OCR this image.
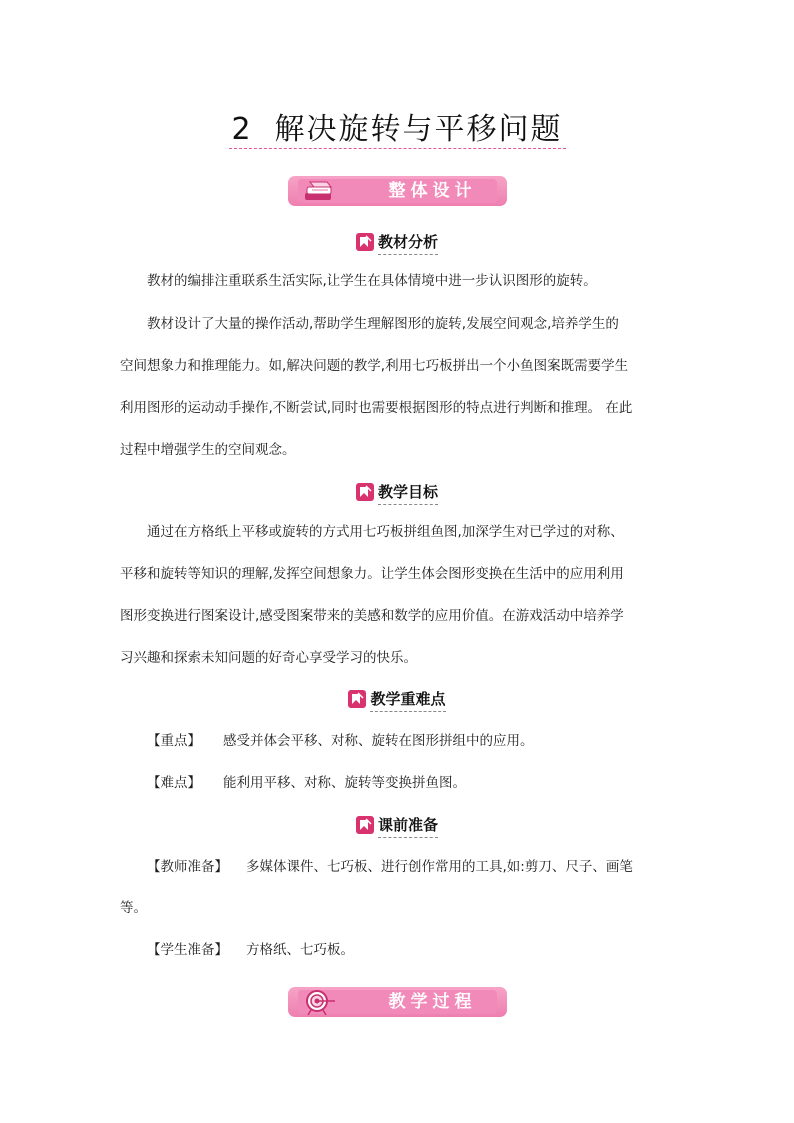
2 解决旋转与平移问题
整体设计
教材分析
教材的编排注重联系生活实际,让学生在具体情境中进一步认识图形的旋转。
教材设计了大量的操作活动,帮助学生理解图形的旋转,发展空间观念,培养学生的
空间想象力和推理能力。如,解决问题的教学,利用七巧板拼出一个小鱼图案既需要学生
利用图形的运动动手操作,不断尝试,同时也需要根据图形的特点进行判断和推理。 在此
过程中增强学生的空间观念。
教学目标
通过在方格纸上平移或旋转的方式用七巧板拼组鱼图,加深学生对已学过的对称、
平移和旋转等知识的理解,发挥空间想象力。让学生体会图形变换在生活中的应用利用
图形变换进行图案设计,感受图案带来的美感和数学的应用价值。在游戏活动中培养学
习兴趣和探索未知问题的好奇心享受学习的快乐。
教学重难点
【重点】 感受并体会平移、对称、旋转在图形拼组中的应用。
【难点】 能利用平移、对称、旋转等变换拼鱼图。
课前准备
【教师准备】 多媒体课件、七巧板、进行创作常用的工具,如:剪刀、尺子、画笔
等。
【学生准备】 方格纸、七巧板。
教学过程
